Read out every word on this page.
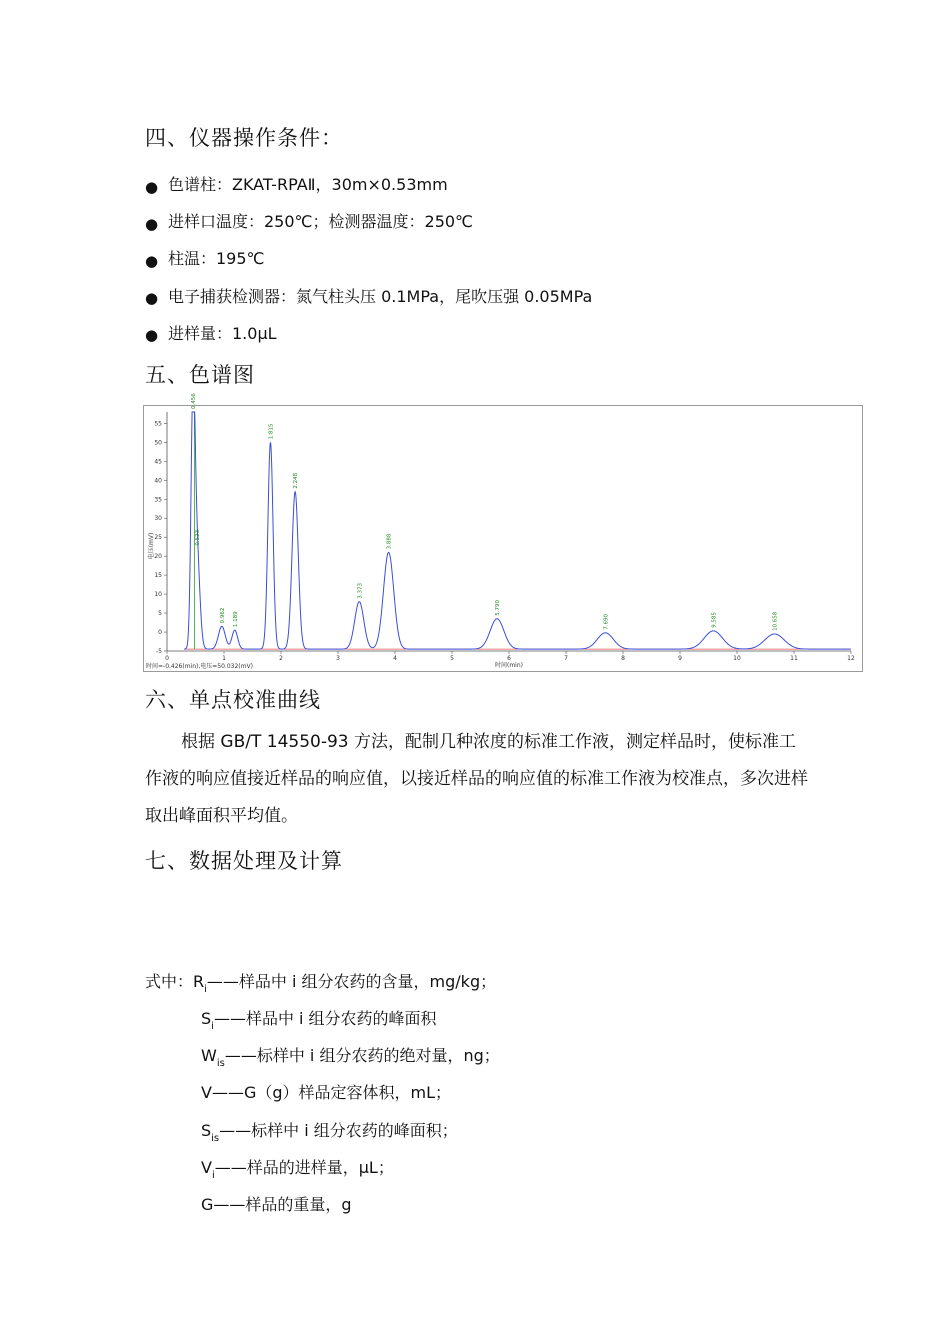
四、仪器操作条件：
● 色谱柱：ZKAT-RPAⅡ，30m×0.53mm
● 进样口温度：250℃；检测器温度：250℃
● 柱温：195℃
● 电子捕获检测器：氮气柱头压 0.1MPa，尾吹压强 0.05MPa
● 进样量：1.0μL
五、色谱图
-5
0
5
10
15
20
25
30
35
40
45
50
55
0	1	2	3	4	5	6	7	8	9	10	11	12
电压(mV)
时间(min)
时间=-0.426(min),电压=50.032(mV)
0.456
0.523
0.962 1.189
1.815
2.248
3.373
3.888
5.790
7.690	9.585	10.658
六、单点校准曲线

根据 GB/T 14550-93 方法，配制几种浓度的标准工作液，测定样品时，使标准工作液的响应值接近样品的响应值，以接近样品的响应值的标准工作液为校准点，多次进样取出峰面积平均值。

七、数据处理及计算
式中：$R_i——$样品中 i 组分农药的含量，mg/kg；
$S_i——$样品中 i 组分农药的峰面积
$W_{is}——$标样中 i 组分农药的绝对量，ng；
V——G（g）样品定容体积，mL；
$S_{is}——$标样中 i 组分农药的峰面积；
$V_i——$样品的进样量，μL；
G——样品的重量，g
